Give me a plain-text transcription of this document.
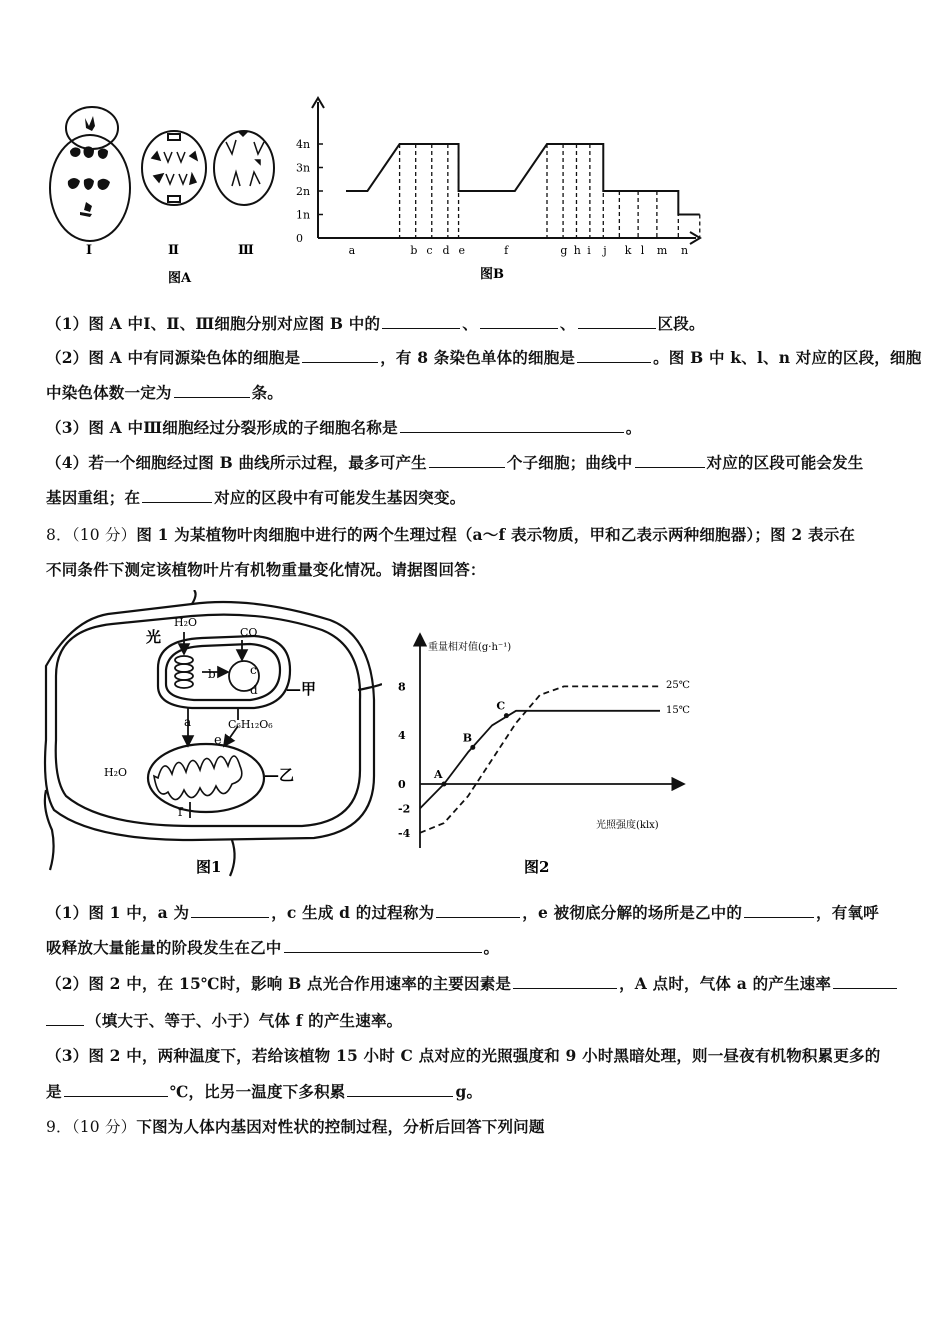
Ⅰ	Ⅱ	Ⅲ
图A
0
1n
2n
3n
4n
a	b c d e	f	g h i j k l m n
图B
（1）图 A 中Ⅰ、Ⅱ、Ⅲ细胞分别对应图 B 中的	、	、	区段。
（2）图 A 中有同源染色体的细胞是	，有 8 条染色单体的细胞是	。图 B 中 k、l、n 对应的区段，细胞
中染色体数一定为	条。
（3）图 A 中Ⅲ细胞经过分裂形成的子细胞名称是	。
（4）若一个细胞经过图 B 曲线所示过程，最多可产生	个子细胞；曲线中	对应的区段可能会发生
基因重组；在	对应的区段中有可能发生基因突变。
8．（10 分）图 1 为某植物叶肉细胞中进行的两个生理过程（a～f 表示物质，甲和乙表示两种细胞器）；图 2 表示在
不同条件下测定该植物叶片有机物重量变化情况。请据图回答：
光
H₂O
CO
b	c
d —甲
a	C₆H₁₂O₆
e
H₂O	—乙
f
图1
8
4
0
-2
-4
A
B
C
重量相对值(g·h⁻¹)
光照强度(klx)
25℃
15℃
图2
（1）图 1 中，a 为	，c 生成 d 的过程称为	，e 被彻底分解的场所是乙中的	，有氧呼
吸释放大量能量的阶段发生在乙中	。
（2）图 2 中，在 15℃时，影响 B 点光合作用速率的主要因素是	，A 点时，气体 a 的产生速率
（填大于、等于、小于）气体 f 的产生速率。
（3）图 2 中，两种温度下，若给该植物 15 小时 C 点对应的光照强度和 9 小时黑暗处理，则一昼夜有机物积累更多的
是	℃，比另一温度下多积累	g。
9．（10 分）下图为人体内基因对性状的控制过程，分析后回答下列问题
